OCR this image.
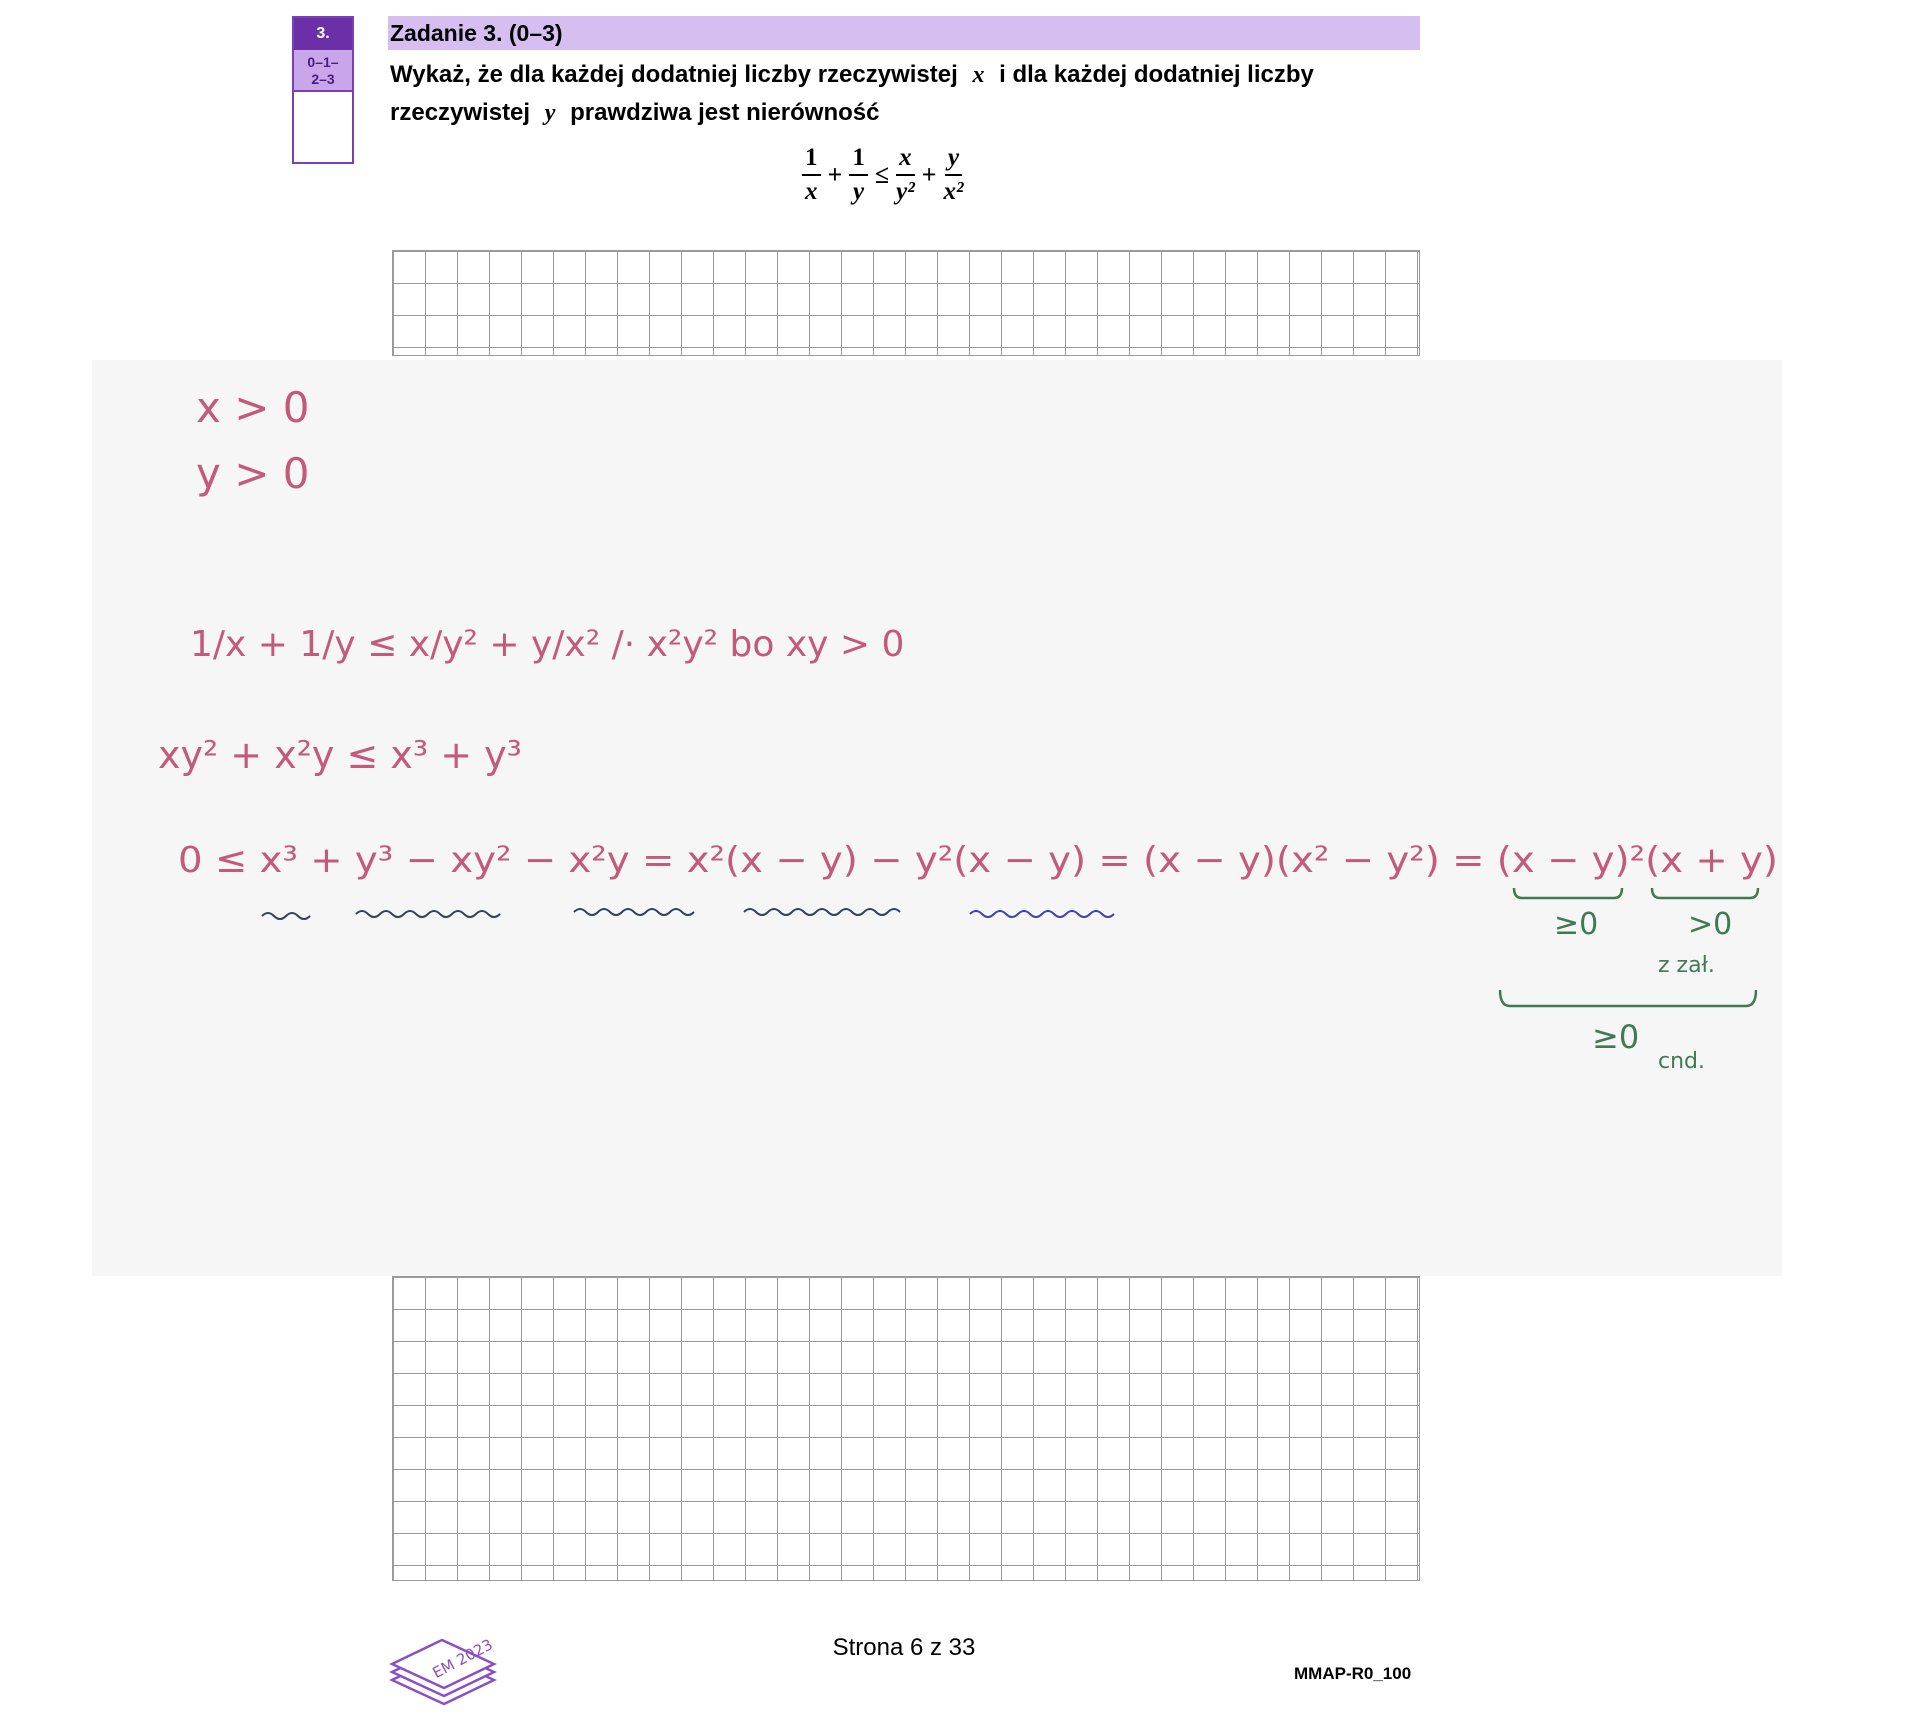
3.
0–1–
2–3
Zadanie 3. (0–3)
Wykaż, że dla każdej dodatniej liczby rzeczywistej x i dla każdej dodatniej liczby rzeczywistej y prawdziwa jest nierówność
$\frac{1}{x} + \frac{1}{y} \le \frac{x}{\text{y²}} + \frac{y}{\text{x²}}$
x > 0
y > 0
1/x + 1/y ≤ x/y² + y/x² /· x²y² bo xy > 0
xy² + x²y ≤ x³ + y³
0 ≤ x³ + y³ − xy² − x²y = x²(x − y) − y²(x − y) = (x − y)(x² − y²) = (x − y)²(x + y)
≥0	>0
z zał.
≥0
cnd.
EM 2023	Strona 6 z 33
MMAP-R0_100
